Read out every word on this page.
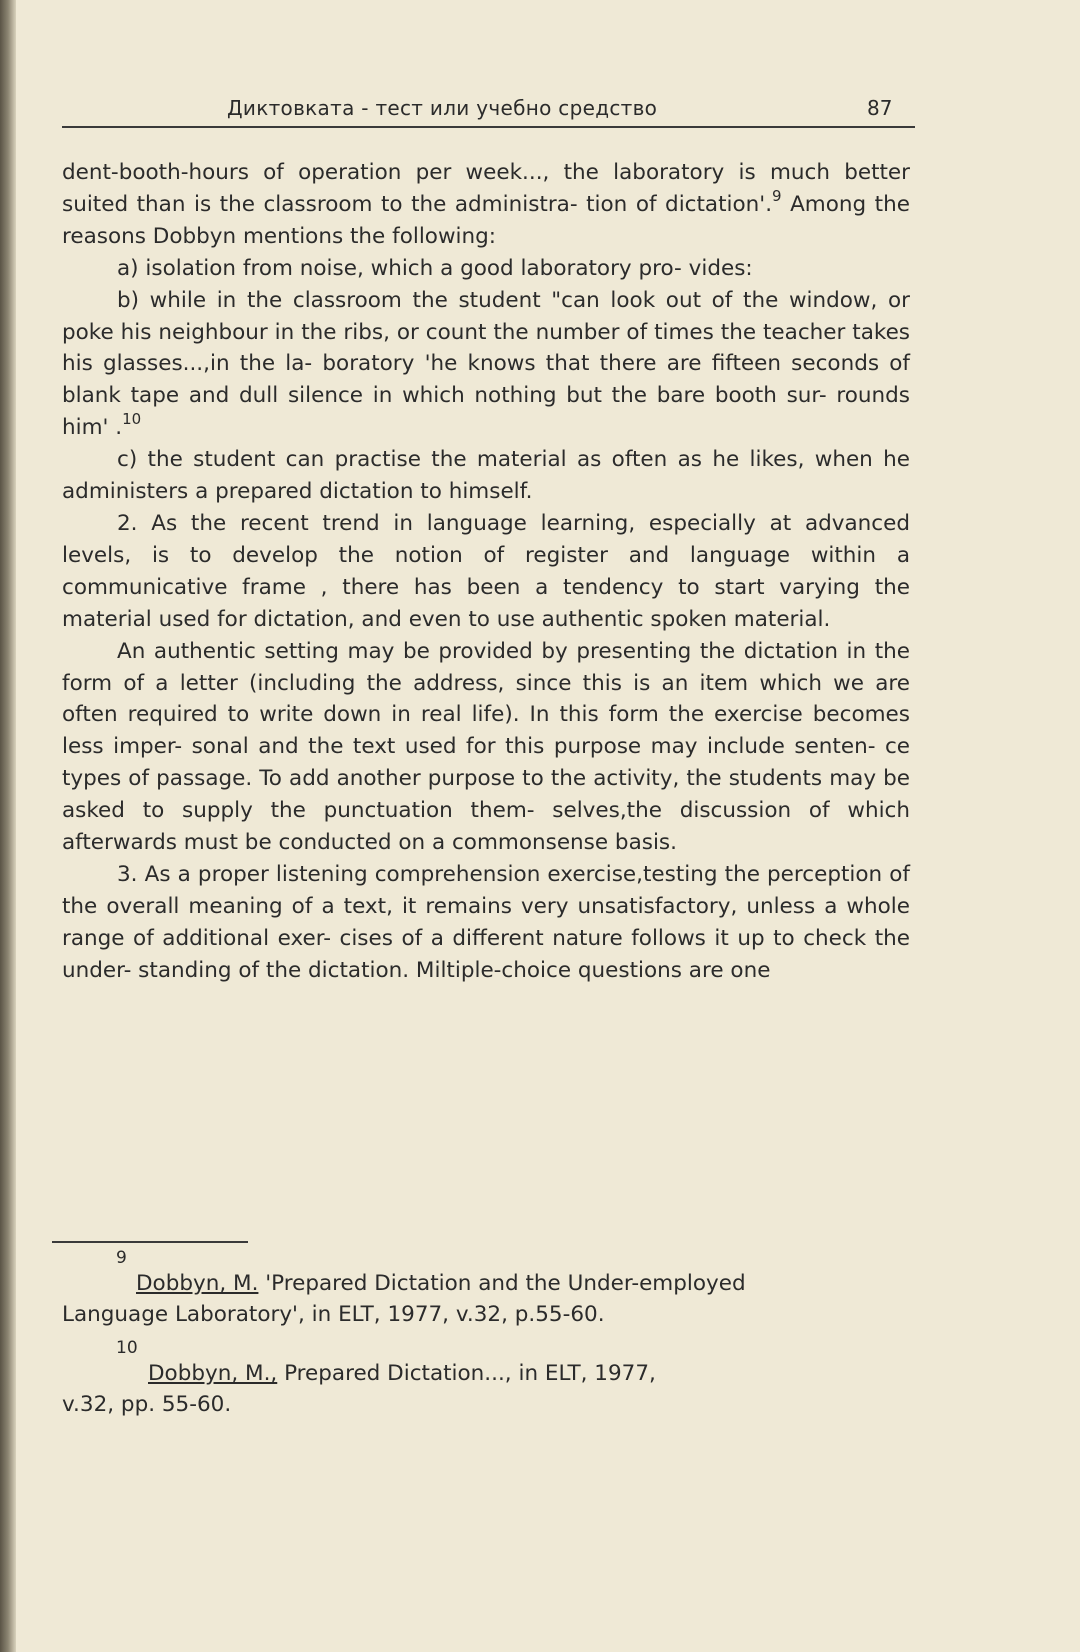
Диктовката - тест или учебно средство	87

dent-booth-hours of operation per week..., the laboratory is much better suited than is the classroom to the administra- tion of dictation'.$^9$ Among the reasons Dobbyn mentions the following:

a) isolation from noise, which a good laboratory pro- vides:

b) while in the classroom the student "can look out of the window, or poke his neighbour in the ribs, or count the number of times the teacher takes his glasses...,in the la- boratory 'he knows that there are fifteen seconds of blank tape and dull silence in which nothing but the bare booth sur- rounds him' .$^{10}$

c) the student can practise the material as often as he likes, when he administers a prepared dictation to himself.

2. As the recent trend in language learning, especially at advanced levels, is to develop the notion of register and language within a communicative frame , there has been a tendency to start varying the material used for dictation, and even to use authentic spoken material.

An authentic setting may be provided by presenting the dictation in the form of a letter (including the address, since this is an item which we are often required to write down in real life). In this form the exercise becomes less imper- sonal and the text used for this purpose may include senten- ce types of passage. To add another purpose to the activity, the students may be asked to supply the punctuation them- selves,the discussion of which afterwards must be conducted on a commonsense basis.

3. As a proper listening comprehension exercise,testing the perception of the overall meaning of a text, it remains very unsatisfactory, unless a whole range of additional exer- cises of a different nature follows it up to check the under- standing of the dictation. Miltiple-choice questions are one

9
Dobbyn, M. 'Prepared Dictation and the Under-employed
Language Laboratory', in ELT, 1977, v.32, p.55-60.
10
Dobbyn, M., Prepared Dictation..., in ELT, 1977,
v.32, pp. 55-60.
